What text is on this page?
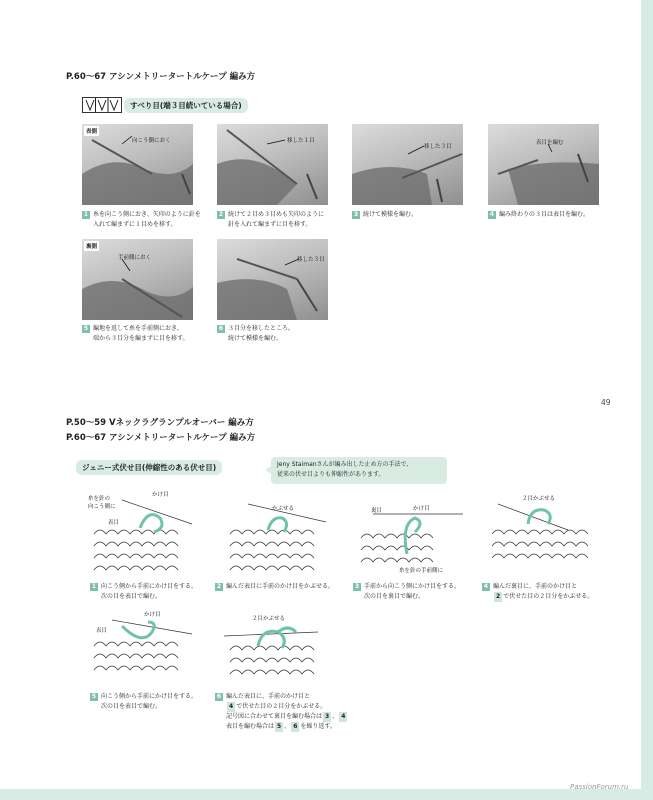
P.60〜67 アシンメトリータートルケープ 編み方
すべり目(端３目続いている場合)
表側
向こう側におく	移した１目
移した３目
表目を編む
1 糸を向こう側におき、矢印のように針を
入れて編まずに１目めを移す。
2 続けて２目め３目めも矢印のように
針を入れて編まずに目を移す。
3 続けて模様を編む。	4 編み終わりの３目は表目を編む。
裏側
手前側におく	移した３目
5 編地を返して糸を手前側におき、
端から３目分を編まずに目を移す。
6 ３目分を移したところ。
続けて模様を編む。
49
P.50〜59 Vネックラグランプルオーバー 編み方
P.60〜67 アシンメトリータートルケープ 編み方
ジェニー式伏せ目(伸縮性のある伏せ目)	Jeny Staimanさんが編み出した止め方の手法で、
従来の伏せ目よりも伸縮性があります。
糸を針の
向こう側に
かけ目
表目
かぶせる	裏目	かけ目
糸を針の手前側に
２目かぶせる
1 向こう側から手前にかけ目をする。
次の目を表目で編む。
2 編んだ表目に手前のかけ目をかぶせる。	3 手前から向こう側にかけ目をする。
次の目を裏目で編む。
4 編んだ裏目に、手前のかけ目と
2 で伏せた目の２目分をかぶせる。
かけ目
表目
２目かぶせる
5 向こう側から手前にかけ目をする。
次の目を表目で編む。
6 編んだ表目に、手前のかけ目と
4 で伏せた目の２目分をかぶせる。
記号図に合わせて裏目を編む場合は 3 、 4
表目を編む場合は 5 、 6 を繰り返す。
PassionForum.ru
